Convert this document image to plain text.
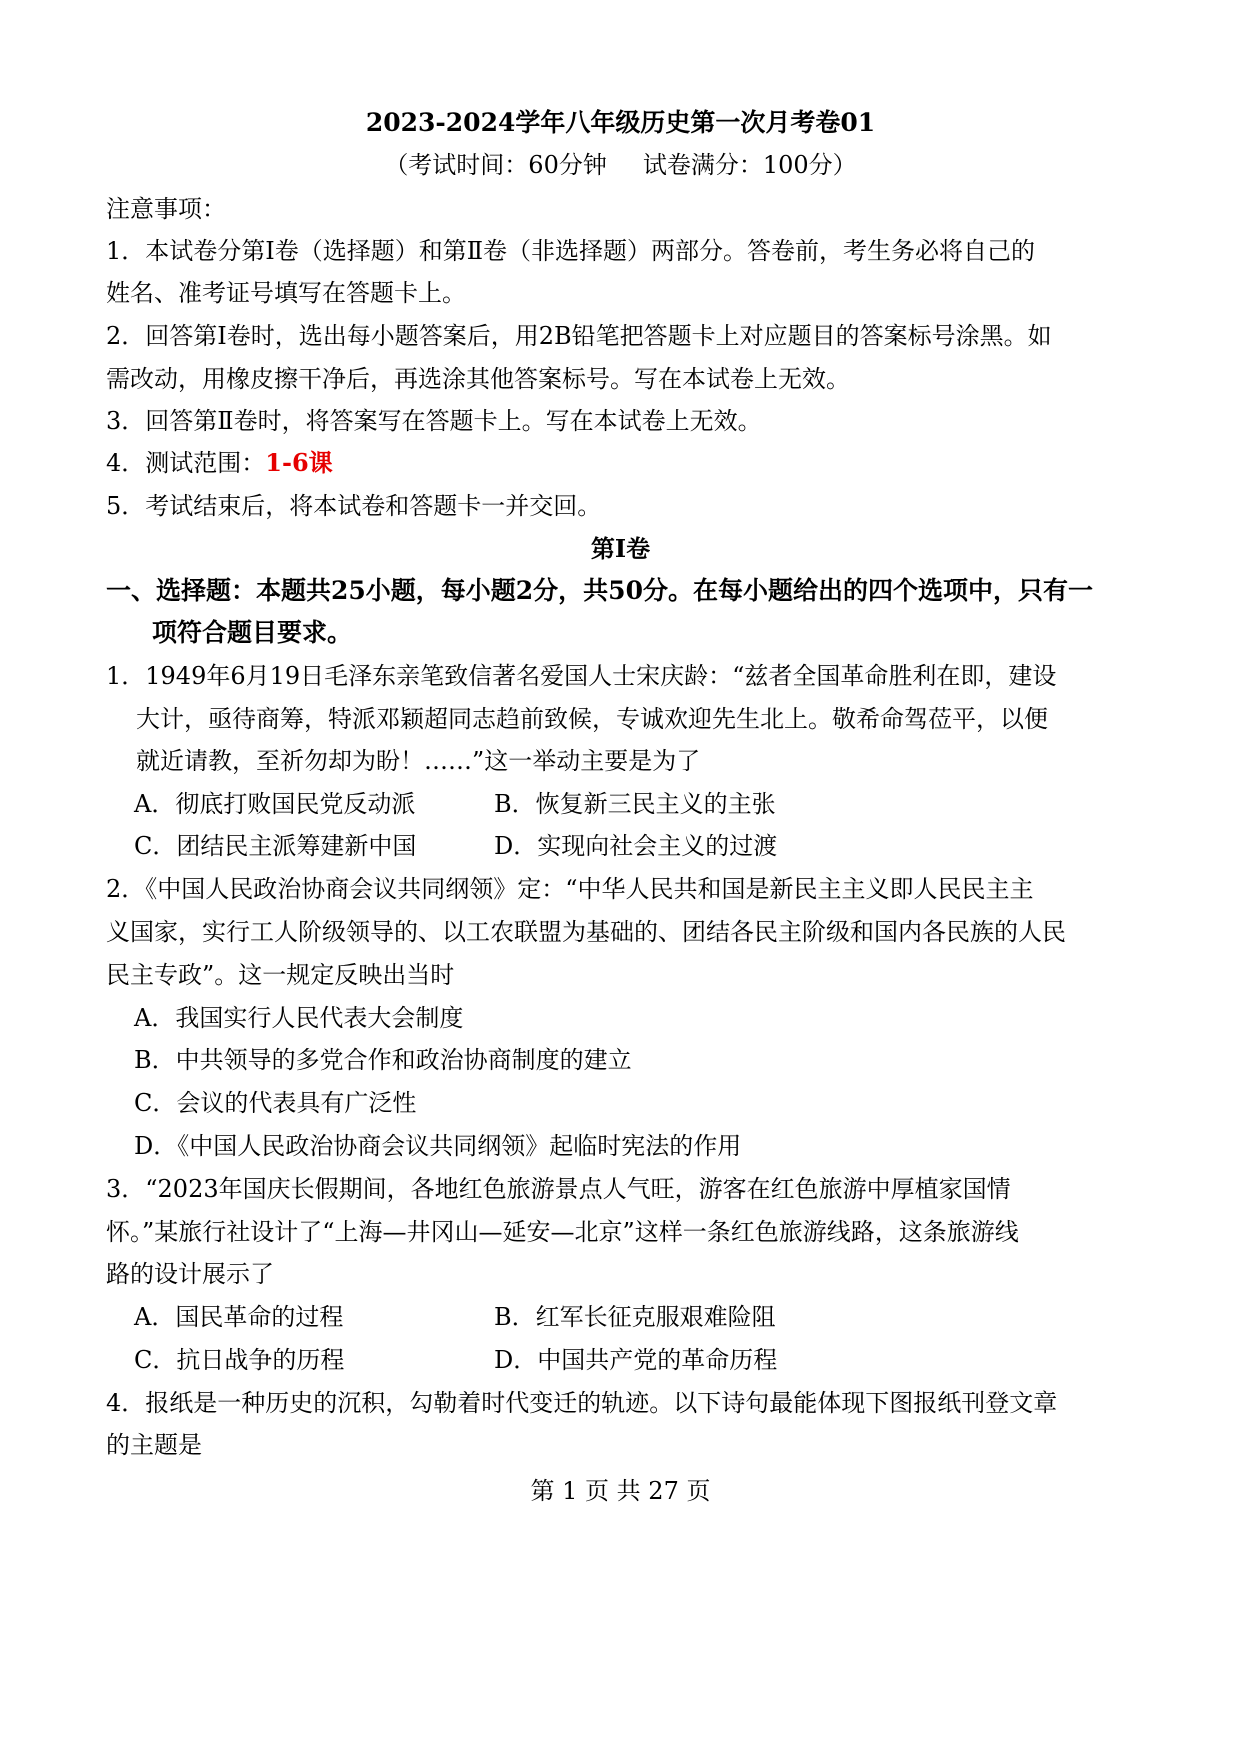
2023-2024学年八年级历史第一次月考卷01
（考试时间：60分钟 试卷满分：100分）
注意事项：
1．本试卷分第Ⅰ卷（选择题）和第Ⅱ卷（非选择题）两部分。答卷前，考生务必将自己的
姓名、准考证号填写在答题卡上。
2．回答第Ⅰ卷时，选出每小题答案后，用2B铅笔把答题卡上对应题目的答案标号涂黑。如
需改动，用橡皮擦干净后，再选涂其他答案标号。写在本试卷上无效。
3．回答第Ⅱ卷时，将答案写在答题卡上。写在本试卷上无效。
4．测试范围：1-6课
5．考试结束后，将本试卷和答题卡一并交回。
第Ⅰ卷
一、选择题：本题共25小题，每小题2分，共50分。在每小题给出的四个选项中，只有一
项符合题目要求。
1．1949年6月19日毛泽东亲笔致信著名爱国人士宋庆龄：“兹者全国革命胜利在即，建设
大计，亟待商筹，特派邓颖超同志趋前致候，专诚欢迎先生北上。敬希命驾莅平，以便
就近请教，至祈勿却为盼！……”这一举动主要是为了
A．彻底打败国民党反动派	B．恢复新三民主义的主张
C．团结民主派筹建新中国	D．实现向社会主义的过渡
2．《中国人民政治协商会议共同纲领》定：“中华人民共和国是新民主主义即人民民主主
义国家，实行工人阶级领导的、以工农联盟为基础的、团结各民主阶级和国内各民族的人民
民主专政”。这一规定反映出当时
A．我国实行人民代表大会制度
B．中共领导的多党合作和政治协商制度的建立
C．会议的代表具有广泛性
D．《中国人民政治协商会议共同纲领》起临时宪法的作用
3．“2023年国庆长假期间，各地红色旅游景点人气旺，游客在红色旅游中厚植家国情
怀。”某旅行社设计了“上海—井冈山—延安—北京”这样一条红色旅游线路，这条旅游线
路的设计展示了
A．国民革命的过程	B．红军长征克服艰难险阻
C．抗日战争的历程	D．中国共产党的革命历程
4．报纸是一种历史的沉积，勾勒着时代变迁的轨迹。以下诗句最能体现下图报纸刊登文章
的主题是
第 1 页 共 27 页
